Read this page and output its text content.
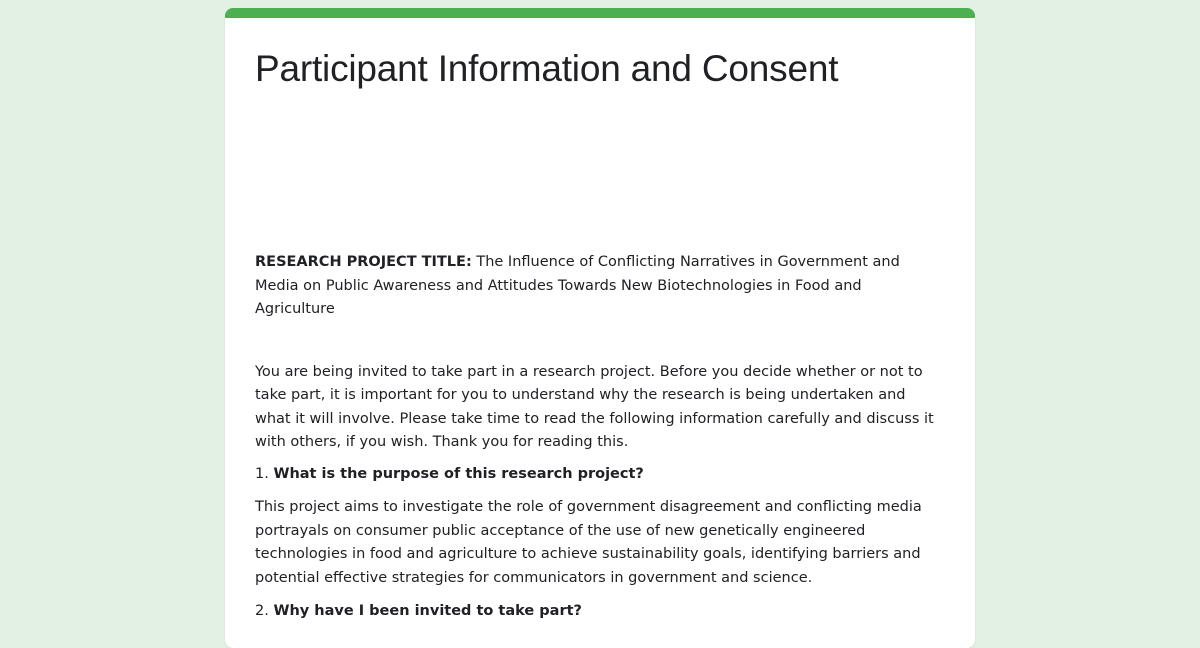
Participant Information and Consent

RESEARCH PROJECT TITLE: The Influence of Conflicting Narratives in Government and Media on Public Awareness and Attitudes Towards New Biotechnologies in Food and Agriculture

You are being invited to take part in a research project. Before you decide whether or not to take part, it is important for you to understand why the research is being undertaken and what it will involve. Please take time to read the following information carefully and discuss it with others, if you wish. Thank you for reading this.

1. What is the purpose of this research project?

This project aims to investigate the role of government disagreement and conflicting media portrayals on consumer public acceptance of the use of new genetically engineered technologies in food and agriculture to achieve sustainability goals, identifying barriers and potential effective strategies for communicators in government and science.

2. Why have I been invited to take part?
